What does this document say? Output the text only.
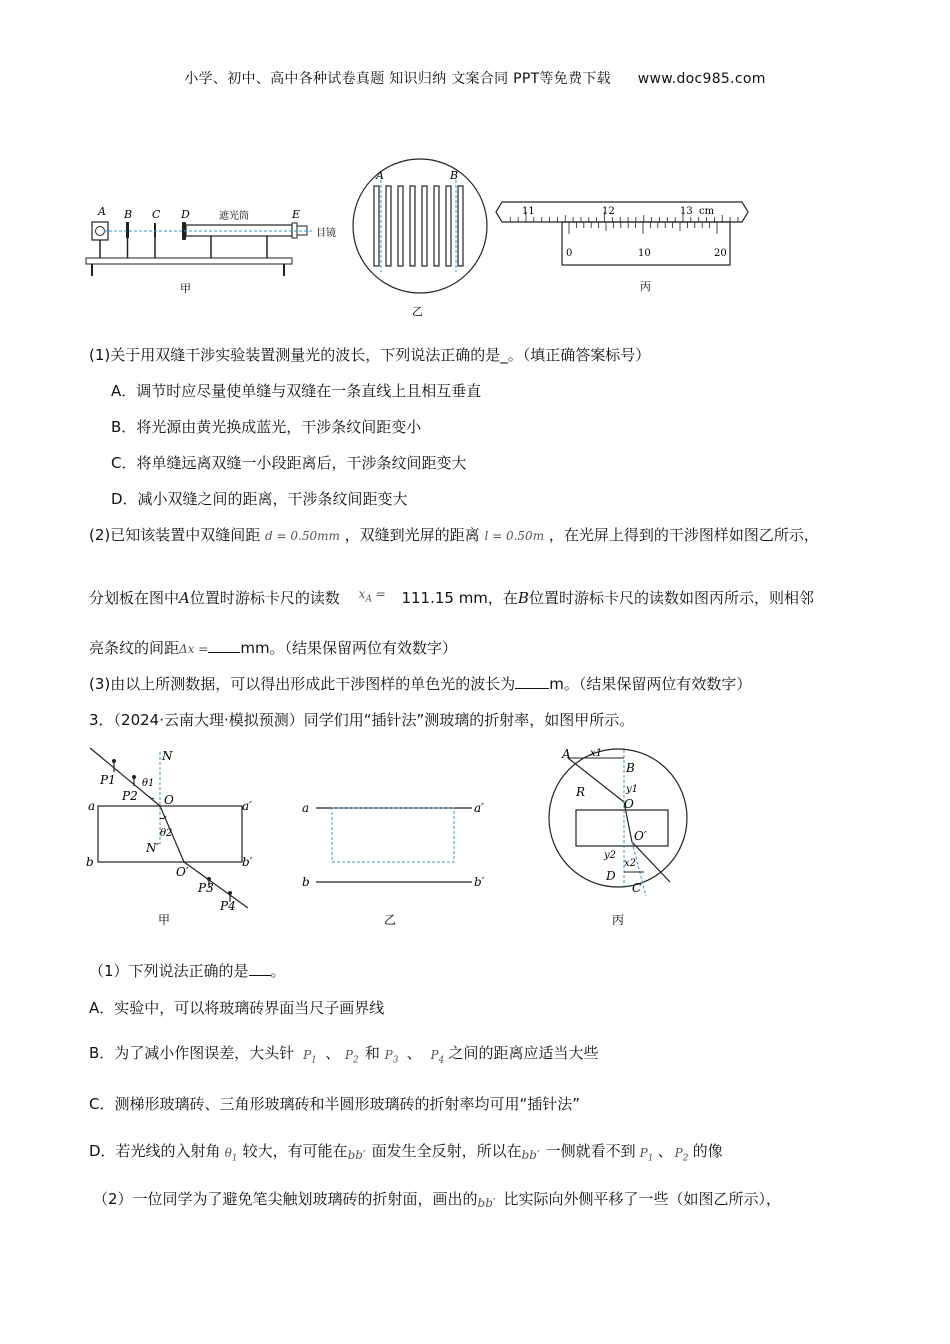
小学、初中、高中各种试卷真题 知识归纳 文案合同 PPT等免费下载 www.doc985.com
A B C D	E
遮光筒
目镜
甲
A	B
乙
11	12	13 cm
0	10	20
丙
(1)关于用双缝干涉实验装置测量光的波长，下列说法正确的是_。（填正确答案标号）
A．调节时应尽量使单缝与双缝在一条直线上且相互垂直
B．将光源由黄光换成蓝光，干涉条纹间距变小
C．将单缝远离双缝一小段距离后，干涉条纹间距变大
D．减小双缝之间的距离，干涉条纹间距变大
(2)已知该装置中双缝间距 d = 0.50mm ，双缝到光屏的距离 l = 0.50m ，在光屏上得到的干涉图样如图乙所示，
分划板在图中A位置时游标卡尺的读数 $x_A = 111.15$ mm，在B位置时游标卡尺的读数如图丙所示，则相邻
亮条纹的间距Δx = mm。（结果保留两位有效数字）
(3)由以上所测数据，可以得出形成此干涉图样的单色光的波长为 m。（结果保留两位有效数字）
3．（2024·云南大理·模拟预测）同学们用“插针法”测玻璃的折射率，如图甲所示。
P1
P2
θ1
N
O
a	a′
θ2
N′
b	b′
O′
P3
P4
甲
a	a′
b	b′
乙
A x1
B
R	y1
O
O′
y2
x2
D
C
丙
（1）下列说法正确的是 。
A．实验中，可以将玻璃砖界面当尺子画界线
B．为了减小作图误差，大头针 $P_1$ 、 $P_2$ 和 $P_3$ 、 $P_4$ 之间的距离应适当大些
C．测梯形玻璃砖、三角形玻璃砖和半圆形玻璃砖的折射率均可用“插针法”
D．若光线的入射角 $\theta_1$ 较大，有可能在 bb′ 面发生全反射，所以在 bb′ 一侧就看不到 $P_1$ 、 $P_2$ 的像
（2）一位同学为了避免笔尖触划玻璃砖的折射面，画出的 bb′ 比实际向外侧平移了一些（如图乙所示），
